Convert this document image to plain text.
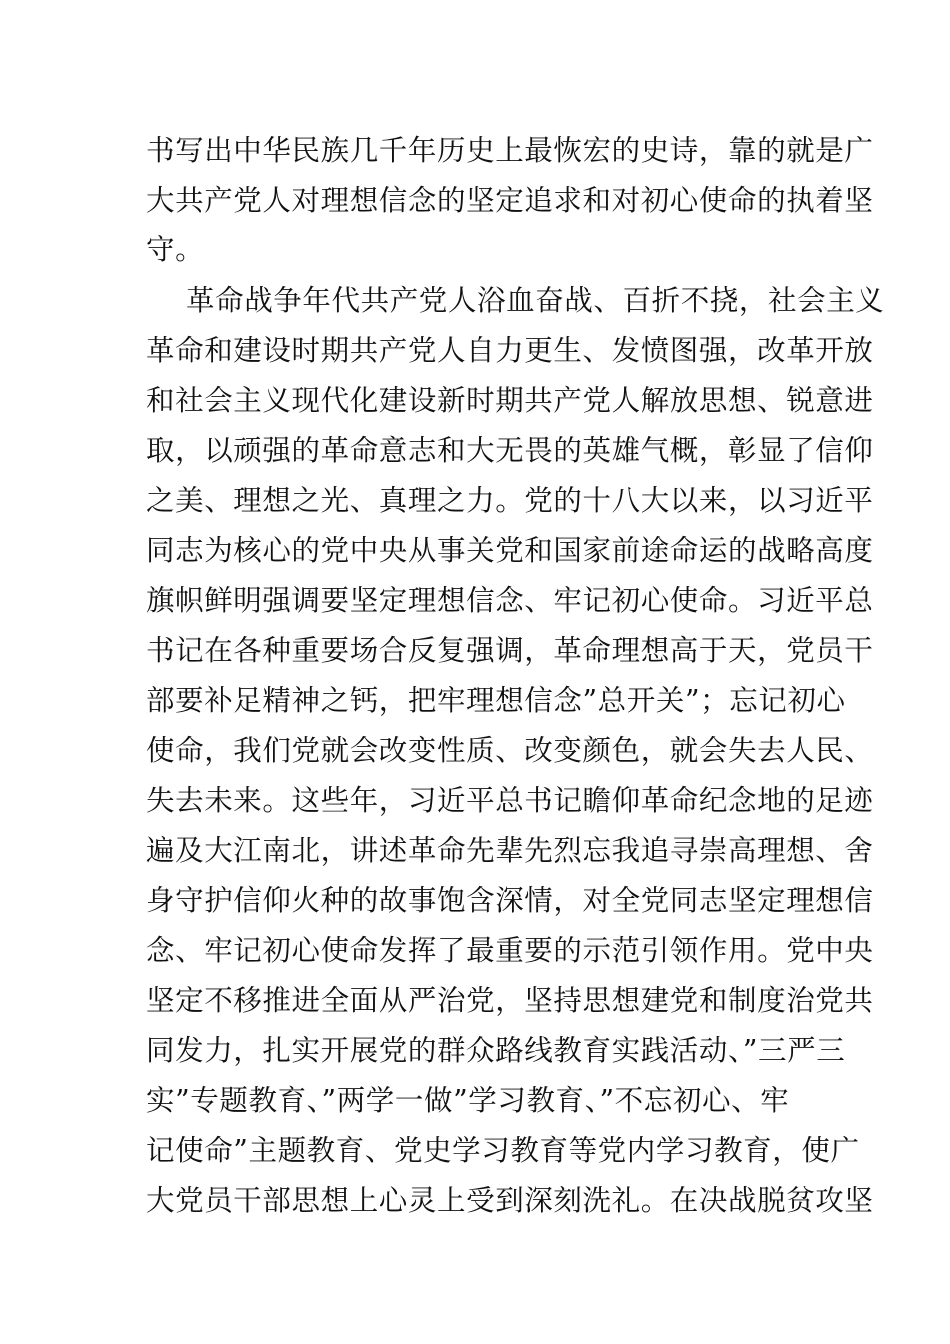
书写出中华民族几千年历史上最恢宏的史诗，靠的就是广
大共产党人对理想信念的坚定追求和对初心使命的执着坚
守。
革命战争年代共产党人浴血奋战、百折不挠，社会主义
革命和建设时期共产党人自力更生、发愤图强，改革开放
和社会主义现代化建设新时期共产党人解放思想、锐意进
取，以顽强的革命意志和大无畏的英雄气概，彰显了信仰
之美、理想之光、真理之力。党的十八大以来，以习近平
同志为核心的党中央从事关党和国家前途命运的战略高度
旗帜鲜明强调要坚定理想信念、牢记初心使命。习近平总
书记在各种重要场合反复强调，革命理想高于天，党员干
部要补足精神之钙，把牢理想信念”总开关”；忘记初心
使命，我们党就会改变性质、改变颜色，就会失去人民、
失去未来。这些年，习近平总书记瞻仰革命纪念地的足迹
遍及大江南北，讲述革命先辈先烈忘我追寻崇高理想、舍
身守护信仰火种的故事饱含深情，对全党同志坚定理想信
念、牢记初心使命发挥了最重要的示范引领作用。党中央
坚定不移推进全面从严治党，坚持思想建党和制度治党共
同发力，扎实开展党的群众路线教育实践活动、”三严三
实”专题教育、”两学一做”学习教育、”不忘初心、牢
记使命”主题教育、党史学习教育等党内学习教育，使广
大党员干部思想上心灵上受到深刻洗礼。在决战脱贫攻坚
